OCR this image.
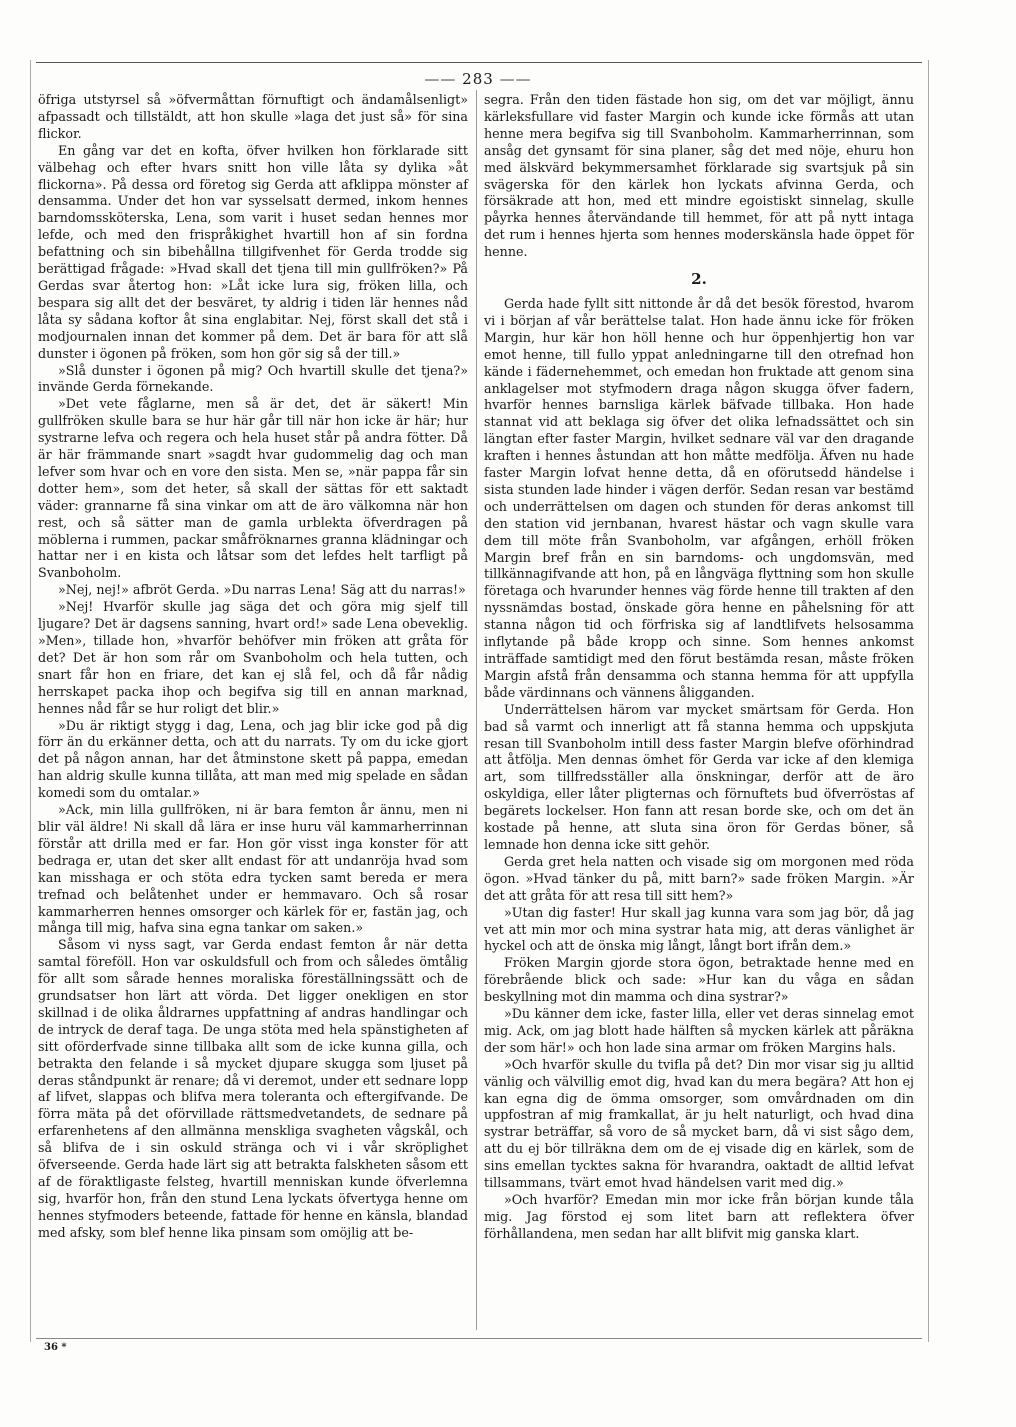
—— 283 ——

öfriga utstyrsel så »öfvermåttan förnuftigt och ändamålsenligt» afpassadt och tillstäldt, att hon skulle »laga det just så» för sina flickor.

En gång var det en kofta, öfver hvilken hon förklarade sitt välbehag och efter hvars snitt hon ville låta sy dylika »åt flickorna». På dessa ord företog sig Gerda att afklippa mönster af densamma. Under det hon var sysselsatt dermed, inkom hennes barndomssköterska, Lena, som varit i huset sedan hennes mor lefde, och med den frispråkighet hvartill hon af sin fordna befattning och sin bibehållna tillgifvenhet för Gerda trodde sig berättigad frågade: »Hvad skall det tjena till min gullfröken?» På Gerdas svar återtog hon: »Låt icke lura sig, fröken lilla, och bespara sig allt det der besväret, ty aldrig i tiden lär hennes nåd låta sy sådana koftor åt sina englabitar. Nej, först skall det stå i modjournalen innan det kommer på dem. Det är bara för att slå dunster i ögonen på fröken, som hon gör sig så der till.»

»Slå dunster i ögonen på mig? Och hvartill skulle det tjena?» invände Gerda förnekande.

»Det vete fåglarne, men så är det, det är säkert! Min gullfröken skulle bara se hur här går till när hon icke är här; hur systrarne lefva och regera och hela huset står på andra fötter. Då är här främmande snart »sagdt hvar gudommelig dag och man lefver som hvar och en vore den sista. Men se, »när pappa får sin dotter hem», som det heter, så skall der sättas för ett saktadt väder: grannarne få sina vinkar om att de äro välkomna när hon rest, och så sätter man de gamla urblekta öfverdragen på möblerna i rummen, packar småfröknarnes granna klädningar och hattar ner i en kista och låtsar som det lefdes helt tarfligt på Svanboholm.

»Nej, nej!» afbröt Gerda. »Du narras Lena! Säg att du narras!»

»Nej! Hvarför skulle jag säga det och göra mig sjelf till ljugare? Det är dagsens sanning, hvart ord!» sade Lena obeveklig. »Men», tillade hon, »hvarför behöfver min fröken att gråta för det? Det är hon som rår om Svanboholm och hela tutten, och snart får hon en friare, det kan ej slå fel, och då får nådig herrskapet packa ihop och begifva sig till en annan marknad, hennes nåd får se hur roligt det blir.»

»Du är riktigt stygg i dag, Lena, och jag blir icke god på dig förr än du erkänner detta, och att du narrats. Ty om du icke gjort det på någon annan, har det åtminstone skett på pappa, emedan han aldrig skulle kunna tillåta, att man med mig spelade en sådan komedi som du omtalar.»

»Ack, min lilla gullfröken, ni är bara femton år ännu, men ni blir väl äldre! Ni skall då lära er inse huru väl kammarherrinnan förstår att drilla med er far. Hon gör visst inga konster för att bedraga er, utan det sker allt endast för att undanröja hvad som kan misshaga er och stöta edra tycken samt bereda er mera trefnad och belåtenhet under er hemmavaro. Och så rosar kammarherren hennes omsorger och kärlek för er, fastän jag, och många till mig, hafva sina egna tankar om saken.»

Såsom vi nyss sagt, var Gerda endast femton år när detta samtal föreföll. Hon var oskuldsfull och from och således ömtålig för allt som sårade hennes moraliska föreställningssätt och de grundsatser hon lärt att vörda. Det ligger onekligen en stor skillnad i de olika åldrarnes uppfattning af andras handlingar och de intryck de deraf taga. De unga stöta med hela spänstigheten af sitt oförderfvade sinne tillbaka allt som de icke kunna gilla, och betrakta den felande i så mycket djupare skugga som ljuset på deras ståndpunkt är renare; då vi deremot, under ett sednare lopp af lifvet, slappas och blifva mera toleranta och eftergifvande. De förra mäta på det oförvillade rättsmedvetandets, de sednare på erfarenhetens af den allmänna menskliga svagheten vågskål, och så blifva de i sin oskuld stränga och vi i vår skröplighet öfverseende. Gerda hade lärt sig att betrakta falskheten såsom ett af de föraktligaste felsteg, hvartill menniskan kunde öfverlemna sig, hvarför hon, från den stund Lena lyckats öfvertyga henne om hennes styfmoders beteende, fattade för henne en känsla, blandad med afsky, som blef henne lika pinsam som omöjlig att be-

segra. Från den tiden fästade hon sig, om det var möjligt, ännu kärleksfullare vid faster Margin och kunde icke förmås att utan henne mera begifva sig till Svanboholm. Kammarherrinnan, som ansåg det gynsamt för sina planer, såg det med nöje, ehuru hon med älskvärd bekymmersamhet förklarade sig svartsjuk på sin svägerska för den kärlek hon lyckats afvinna Gerda, och försäkrade att hon, med ett mindre egoistiskt sinnelag, skulle påyrka hennes återvändande till hemmet, för att på nytt intaga det rum i hennes hjerta som hennes moderskänsla hade öppet för henne.

2.

Gerda hade fyllt sitt nittonde år då det besök förestod, hvarom vi i början af vår berättelse talat. Hon hade ännu icke för fröken Margin, hur kär hon höll henne och hur öppenhjertig hon var emot henne, till fullo yppat anledningarne till den otrefnad hon kände i fädernehemmet, och emedan hon fruktade att genom sina anklagelser mot styfmodern draga någon skugga öfver fadern, hvarför hennes barnsliga kärlek bäfvade tillbaka. Hon hade stannat vid att beklaga sig öfver det olika lefnadssättet och sin längtan efter faster Margin, hvilket sednare väl var den dragande kraften i hennes åstundan att hon måtte medfölja. Äfven nu hade faster Margin lofvat henne detta, då en oförutsedd händelse i sista stunden lade hinder i vägen derför. Sedan resan var bestämd och underrättelsen om dagen och stunden för deras ankomst till den station vid jernbanan, hvarest hästar och vagn skulle vara dem till möte från Svanboholm, var afgången, erhöll fröken Margin bref från en sin barndoms- och ungdomsvän, med tillkännagifvande att hon, på en långväga flyttning som hon skulle företaga och hvarunder hennes väg förde henne till trakten af den nyssnämdas bostad, önskade göra henne en påhelsning för att stanna någon tid och förfriska sig af landtlifvets helsosamma inflytande på både kropp och sinne. Som hennes ankomst inträffade samtidigt med den förut bestämda resan, måste fröken Margin afstå från densamma och stanna hemma för att uppfylla både värdinnans och vännens åligganden.

Underrättelsen härom var mycket smärtsam för Gerda. Hon bad så varmt och innerligt att få stanna hemma och uppskjuta resan till Svanboholm intill dess faster Margin blefve oförhindrad att åtfölja. Men dennas ömhet för Gerda var icke af den klemiga art, som tillfredsställer alla önskningar, derför att de äro oskyldiga, eller låter pligternas och förnuftets bud öfverröstas af begärets lockelser. Hon fann att resan borde ske, och om det än kostade på henne, att sluta sina öron för Gerdas böner, så lemnade hon denna icke sitt gehör.

Gerda gret hela natten och visade sig om morgonen med röda ögon. »Hvad tänker du på, mitt barn?» sade fröken Margin. »Är det att gråta för att resa till sitt hem?»

»Utan dig faster! Hur skall jag kunna vara som jag bör, då jag vet att min mor och mina systrar hata mig, att deras vänlighet är hyckel och att de önska mig långt, långt bort ifrån dem.»

Fröken Margin gjorde stora ögon, betraktade henne med en förebrående blick och sade: »Hur kan du våga en sådan beskyllning mot din mamma och dina systrar?»

»Du känner dem icke, faster lilla, eller vet deras sinnelag emot mig. Ack, om jag blott hade hälften så mycken kärlek att påräkna der som här!» och hon lade sina armar om fröken Margins hals.

»Och hvarför skulle du tvifla på det? Din mor visar sig ju alltid vänlig och välvillig emot dig, hvad kan du mera begära? Att hon ej kan egna dig de ömma omsorger, som omvårdnaden om din uppfostran af mig framkallat, är ju helt naturligt, och hvad dina systrar beträffar, så voro de så mycket barn, då vi sist sågo dem, att du ej bör tillräkna dem om de ej visade dig en kärlek, som de sins emellan tycktes sakna för hvarandra, oaktadt de alltid lefvat tillsammans, tvärt emot hvad händelsen varit med dig.»

»Och hvarför? Emedan min mor icke från början kunde tåla mig. Jag förstod ej som litet barn att reflektera öfver förhållandena, men sedan har allt blifvit mig ganska klart.

36 *
